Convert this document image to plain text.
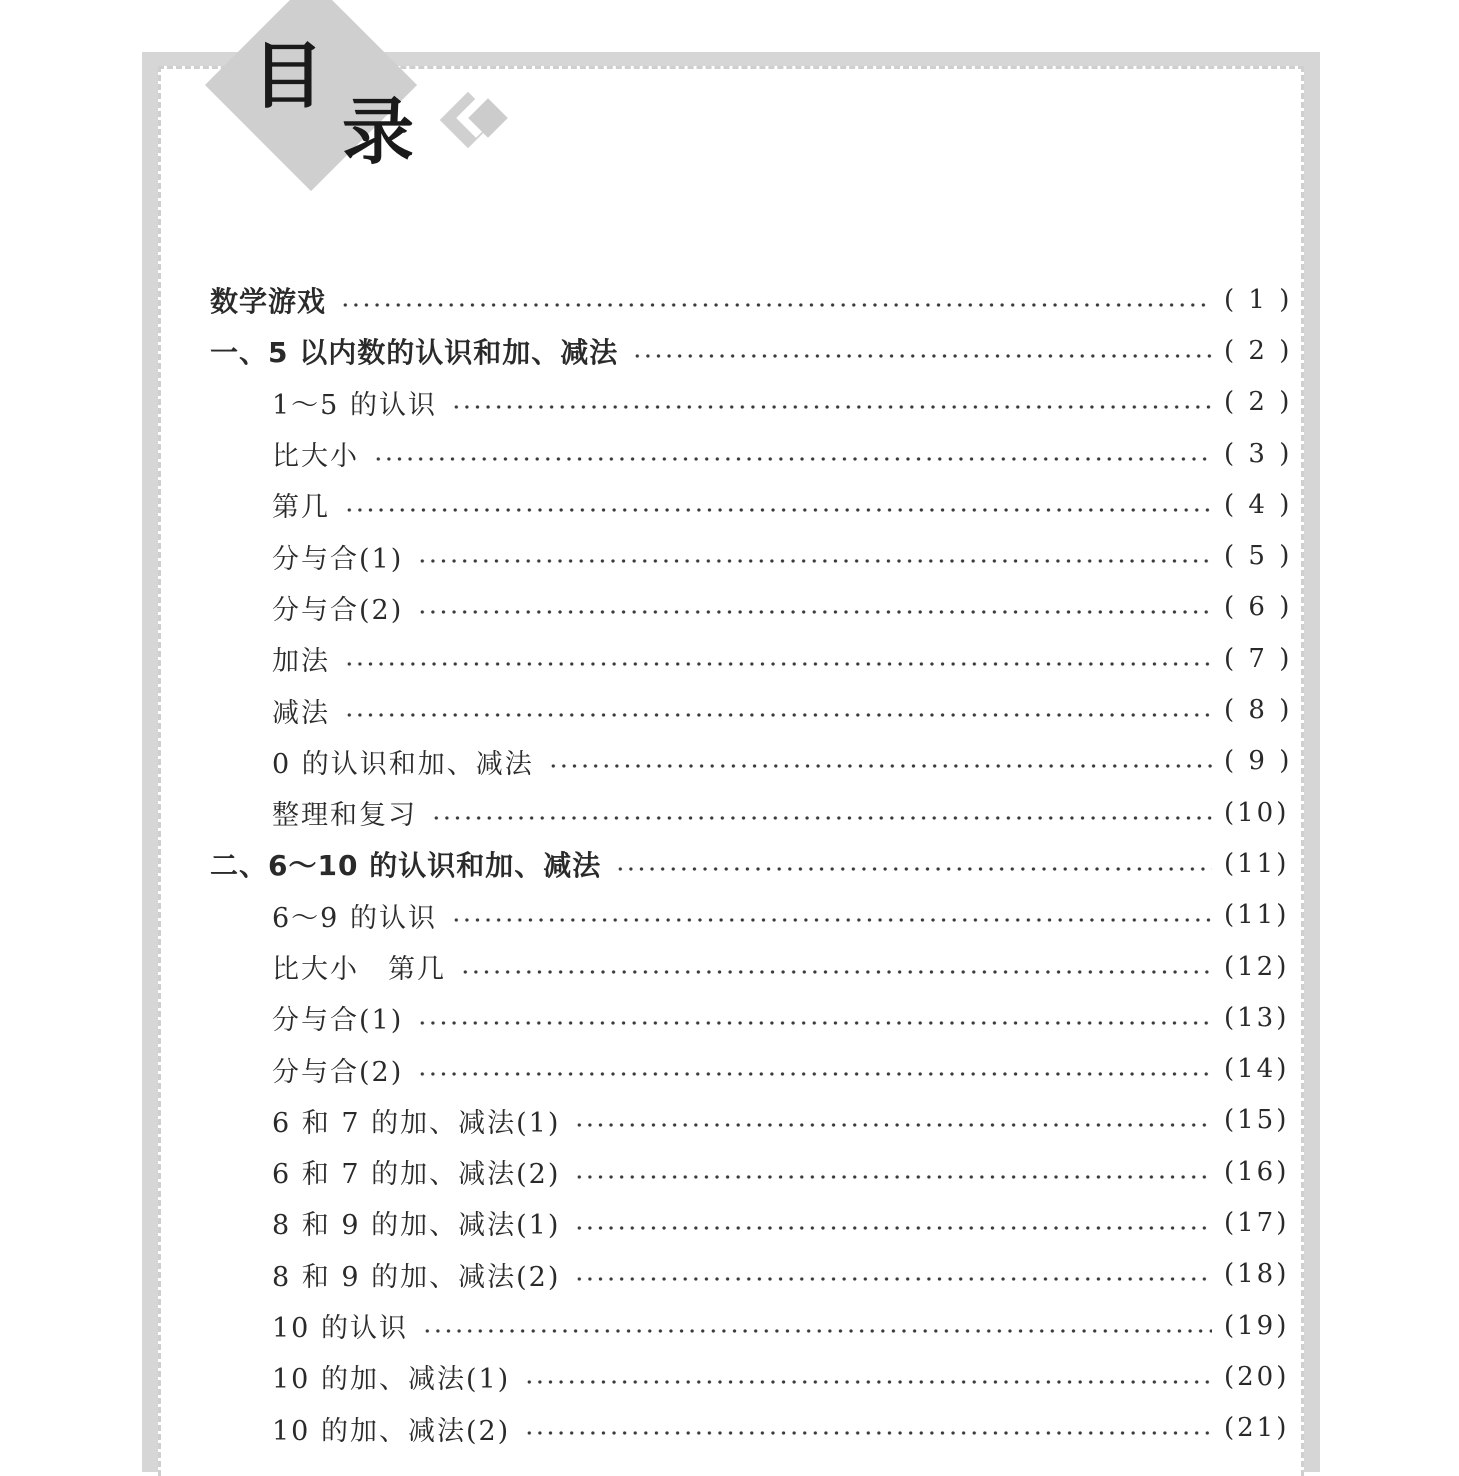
目
录
数学游戏	( 1 )
一、5 以内数的认识和加、减法	( 2 )
1～5 的认识	( 2 )
比大小	( 3 )
第几	( 4 )
分与合(1)	( 5 )
分与合(2)	( 6 )
加法	( 7 )
减法	( 8 )
0 的认识和加、减法	( 9 )
整理和复习	(10)
二、6～10 的认识和加、减法	(11)
6～9 的认识	(11)
比大小　第几	(12)
分与合(1)	(13)
分与合(2)	(14)
6 和 7 的加、减法(1)	(15)
6 和 7 的加、减法(2)	(16)
8 和 9 的加、减法(1)	(17)
8 和 9 的加、减法(2)	(18)
10 的认识	(19)
10 的加、减法(1)	(20)
10 的加、减法(2)	(21)
